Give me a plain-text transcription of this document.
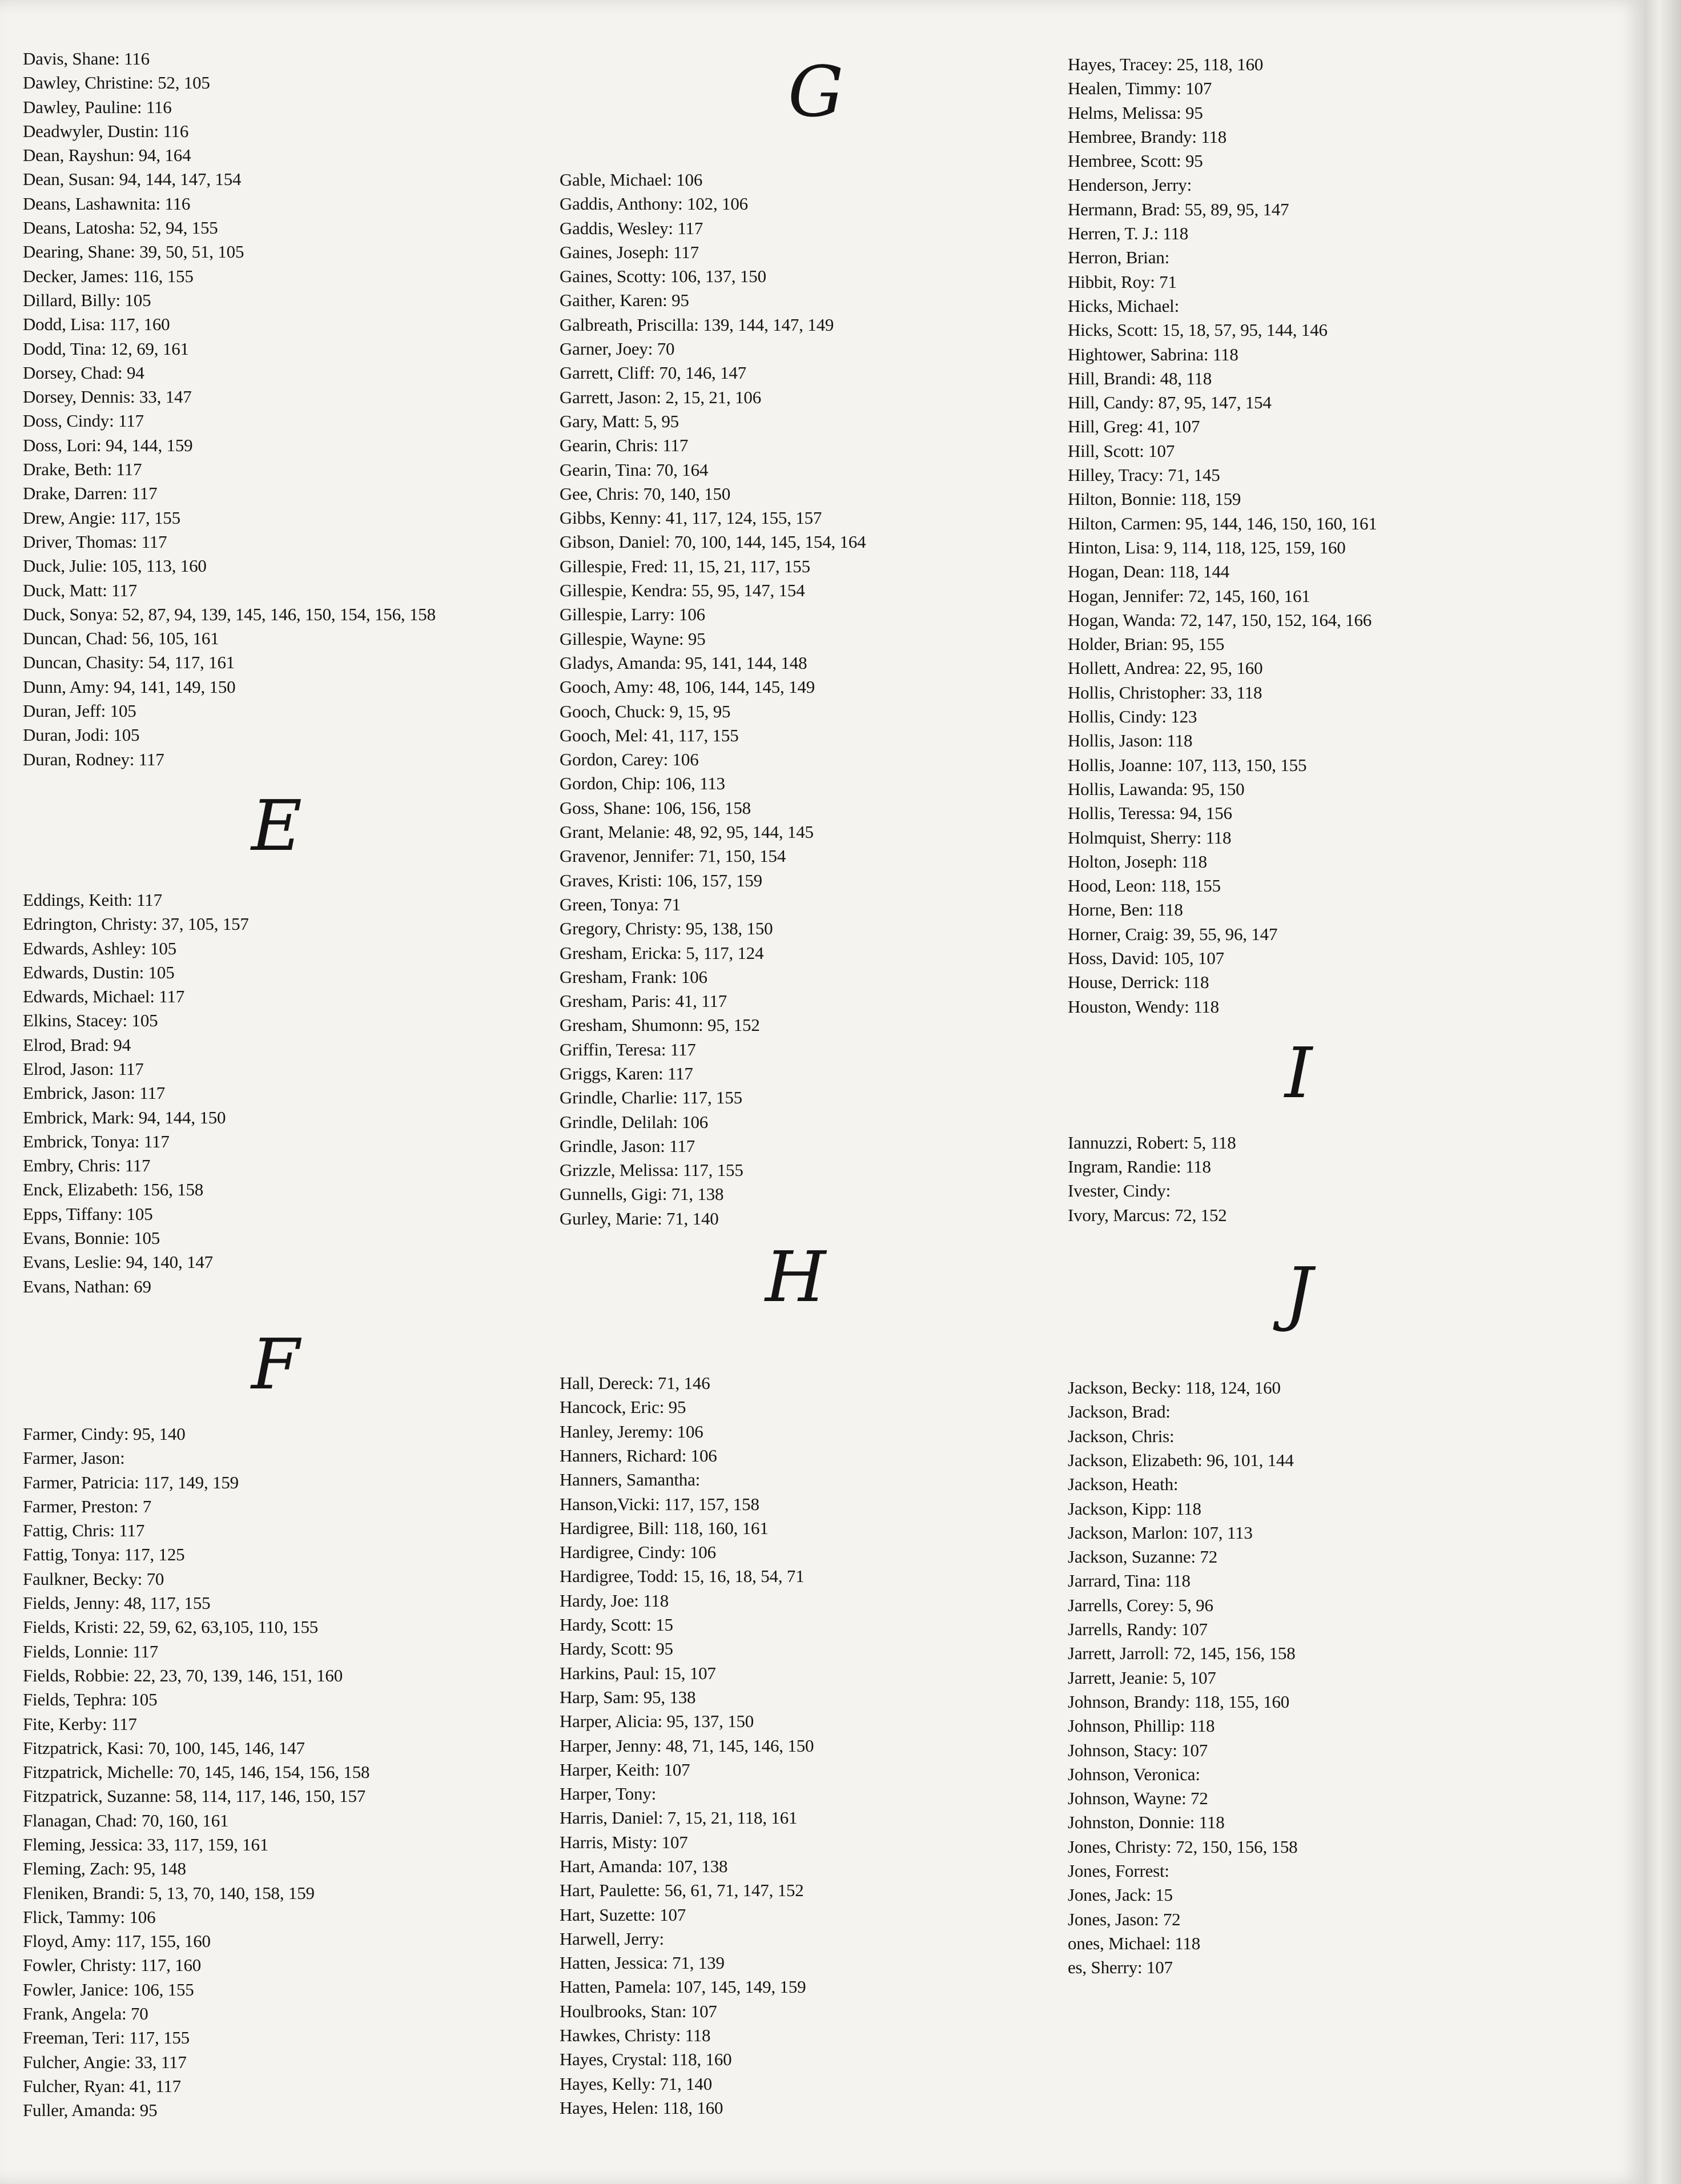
Davis, Shane: 116
Dawley, Christine: 52, 105
Dawley, Pauline: 116
Deadwyler, Dustin: 116
Dean, Rayshun: 94, 164
Dean, Susan: 94, 144, 147, 154
Deans, Lashawnita: 116
Deans, Latosha: 52, 94, 155
Dearing, Shane: 39, 50, 51, 105
Decker, James: 116, 155
Dillard, Billy: 105
Dodd, Lisa: 117, 160
Dodd, Tina: 12, 69, 161
Dorsey, Chad: 94
Dorsey, Dennis: 33, 147
Doss, Cindy: 117
Doss, Lori: 94, 144, 159
Drake, Beth: 117
Drake, Darren: 117
Drew, Angie: 117, 155
Driver, Thomas: 117
Duck, Julie: 105, 113, 160
Duck, Matt: 117
Duck, Sonya: 52, 87, 94, 139, 145, 146, 150, 154, 156, 158
Duncan, Chad: 56, 105, 161
Duncan, Chasity: 54, 117, 161
Dunn, Amy: 94, 141, 149, 150
Duran, Jeff: 105
Duran, Jodi: 105
Duran, Rodney: 117
E
Eddings, Keith: 117
Edrington, Christy: 37, 105, 157
Edwards, Ashley: 105
Edwards, Dustin: 105
Edwards, Michael: 117
Elkins, Stacey: 105
Elrod, Brad: 94
Elrod, Jason: 117
Embrick, Jason: 117
Embrick, Mark: 94, 144, 150
Embrick, Tonya: 117
Embry, Chris: 117
Enck, Elizabeth: 156, 158
Epps, Tiffany: 105
Evans, Bonnie: 105
Evans, Leslie: 94, 140, 147
Evans, Nathan: 69
F
Farmer, Cindy: 95, 140
Farmer, Jason:
Farmer, Patricia: 117, 149, 159
Farmer, Preston: 7
Fattig, Chris: 117
Fattig, Tonya: 117, 125
Faulkner, Becky: 70
Fields, Jenny: 48, 117, 155
Fields, Kristi: 22, 59, 62, 63,105, 110, 155
Fields, Lonnie: 117
Fields, Robbie: 22, 23, 70, 139, 146, 151, 160
Fields, Tephra: 105
Fite, Kerby: 117
Fitzpatrick, Kasi: 70, 100, 145, 146, 147
Fitzpatrick, Michelle: 70, 145, 146, 154, 156, 158
Fitzpatrick, Suzanne: 58, 114, 117, 146, 150, 157
Flanagan, Chad: 70, 160, 161
Fleming, Jessica: 33, 117, 159, 161
Fleming, Zach: 95, 148
Fleniken, Brandi: 5, 13, 70, 140, 158, 159
Flick, Tammy: 106
Floyd, Amy: 117, 155, 160
Fowler, Christy: 117, 160
Fowler, Janice: 106, 155
Frank, Angela: 70
Freeman, Teri: 117, 155
Fulcher, Angie: 33, 117
Fulcher, Ryan: 41, 117
Fuller, Amanda: 95
G
Gable, Michael: 106
Gaddis, Anthony: 102, 106
Gaddis, Wesley: 117
Gaines, Joseph: 117
Gaines, Scotty: 106, 137, 150
Gaither, Karen: 95
Galbreath, Priscilla: 139, 144, 147, 149
Garner, Joey: 70
Garrett, Cliff: 70, 146, 147
Garrett, Jason: 2, 15, 21, 106
Gary, Matt: 5, 95
Gearin, Chris: 117
Gearin, Tina: 70, 164
Gee, Chris: 70, 140, 150
Gibbs, Kenny: 41, 117, 124, 155, 157
Gibson, Daniel: 70, 100, 144, 145, 154, 164
Gillespie, Fred: 11, 15, 21, 117, 155
Gillespie, Kendra: 55, 95, 147, 154
Gillespie, Larry: 106
Gillespie, Wayne: 95
Gladys, Amanda: 95, 141, 144, 148
Gooch, Amy: 48, 106, 144, 145, 149
Gooch, Chuck: 9, 15, 95
Gooch, Mel: 41, 117, 155
Gordon, Carey: 106
Gordon, Chip: 106, 113
Goss, Shane: 106, 156, 158
Grant, Melanie: 48, 92, 95, 144, 145
Gravenor, Jennifer: 71, 150, 154
Graves, Kristi: 106, 157, 159
Green, Tonya: 71
Gregory, Christy: 95, 138, 150
Gresham, Ericka: 5, 117, 124
Gresham, Frank: 106
Gresham, Paris: 41, 117
Gresham, Shumonn: 95, 152
Griffin, Teresa: 117
Griggs, Karen: 117
Grindle, Charlie: 117, 155
Grindle, Delilah: 106
Grindle, Jason: 117
Grizzle, Melissa: 117, 155
Gunnells, Gigi: 71, 138
Gurley, Marie: 71, 140
H
Hall, Dereck: 71, 146
Hancock, Eric: 95
Hanley, Jeremy: 106
Hanners, Richard: 106
Hanners, Samantha:
Hanson,Vicki: 117, 157, 158
Hardigree, Bill: 118, 160, 161
Hardigree, Cindy: 106
Hardigree, Todd: 15, 16, 18, 54, 71
Hardy, Joe: 118
Hardy, Scott: 15
Hardy, Scott: 95
Harkins, Paul: 15, 107
Harp, Sam: 95, 138
Harper, Alicia: 95, 137, 150
Harper, Jenny: 48, 71, 145, 146, 150
Harper, Keith: 107
Harper, Tony:
Harris, Daniel: 7, 15, 21, 118, 161
Harris, Misty: 107
Hart, Amanda: 107, 138
Hart, Paulette: 56, 61, 71, 147, 152
Hart, Suzette: 107
Harwell, Jerry:
Hatten, Jessica: 71, 139
Hatten, Pamela: 107, 145, 149, 159
Houlbrooks, Stan: 107
Hawkes, Christy: 118
Hayes, Crystal: 118, 160
Hayes, Kelly: 71, 140
Hayes, Helen: 118, 160
Hayes, Tracey: 25, 118, 160
Healen, Timmy: 107
Helms, Melissa: 95
Hembree, Brandy: 118
Hembree, Scott: 95
Henderson, Jerry:
Hermann, Brad: 55, 89, 95, 147
Herren, T. J.: 118
Herron, Brian:
Hibbit, Roy: 71
Hicks, Michael:
Hicks, Scott: 15, 18, 57, 95, 144, 146
Hightower, Sabrina: 118
Hill, Brandi: 48, 118
Hill, Candy: 87, 95, 147, 154
Hill, Greg: 41, 107
Hill, Scott: 107
Hilley, Tracy: 71, 145
Hilton, Bonnie: 118, 159
Hilton, Carmen: 95, 144, 146, 150, 160, 161
Hinton, Lisa: 9, 114, 118, 125, 159, 160
Hogan, Dean: 118, 144
Hogan, Jennifer: 72, 145, 160, 161
Hogan, Wanda: 72, 147, 150, 152, 164, 166
Holder, Brian: 95, 155
Hollett, Andrea: 22, 95, 160
Hollis, Christopher: 33, 118
Hollis, Cindy: 123
Hollis, Jason: 118
Hollis, Joanne: 107, 113, 150, 155
Hollis, Lawanda: 95, 150
Hollis, Teressa: 94, 156
Holmquist, Sherry: 118
Holton, Joseph: 118
Hood, Leon: 118, 155
Horne, Ben: 118
Horner, Craig: 39, 55, 96, 147
Hoss, David: 105, 107
House, Derrick: 118
Houston, Wendy: 118
I
Iannuzzi, Robert: 5, 118
Ingram, Randie: 118
Ivester, Cindy:
Ivory, Marcus: 72, 152
J
Jackson, Becky: 118, 124, 160
Jackson, Brad:
Jackson, Chris:
Jackson, Elizabeth: 96, 101, 144
Jackson, Heath:
Jackson, Kipp: 118
Jackson, Marlon: 107, 113
Jackson, Suzanne: 72
Jarrard, Tina: 118
Jarrells, Corey: 5, 96
Jarrells, Randy: 107
Jarrett, Jarroll: 72, 145, 156, 158
Jarrett, Jeanie: 5, 107
Johnson, Brandy: 118, 155, 160
Johnson, Phillip: 118
Johnson, Stacy: 107
Johnson, Veronica:
Johnson, Wayne: 72
Johnston, Donnie: 118
Jones, Christy: 72, 150, 156, 158
Jones, Forrest:
Jones, Jack: 15
Jones, Jason: 72
ones, Michael: 118
es, Sherry: 107
